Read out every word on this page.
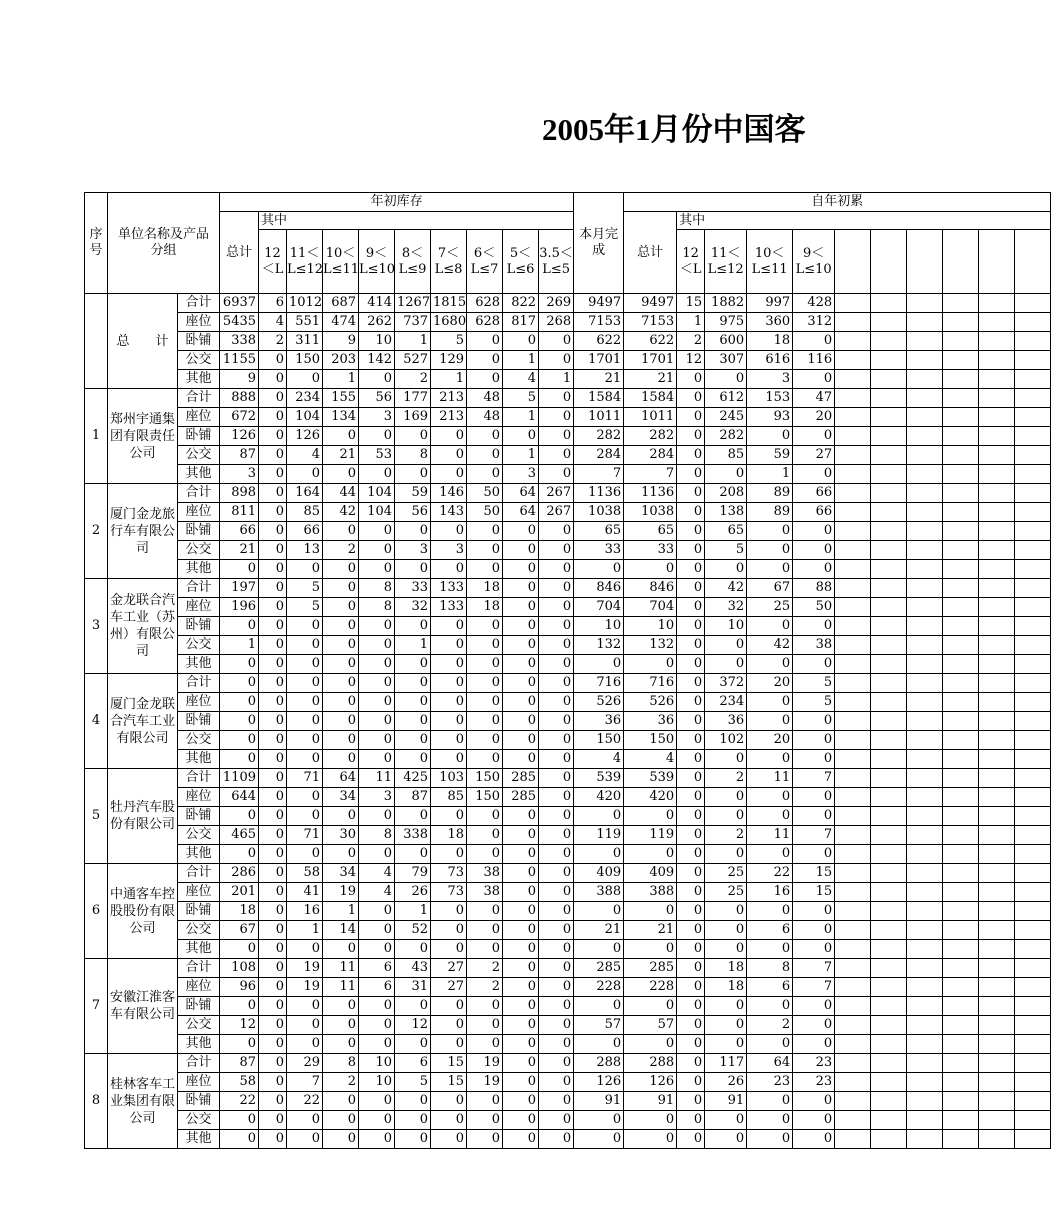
2005年1月份中国客
序号	单位名称及产品分组		年初库存										本月完成	自年初累										
			总计	其中										总计	其中									
				12＜L	11＜L≤12	10＜L≤11	9＜L≤10	8＜L≤9	7＜L≤8	6＜L≤7	5＜L≤6	3.5＜L≤5			12＜L	11＜L≤12	10＜L≤11	9＜L≤10						
	总　　计	合计	6937	6	1012	687	414	1267	1815	628	822	269	9497	9497	15	1882	997	428						
		座位	5435	4	551	474	262	737	1680	628	817	268	7153	7153	1	975	360	312						
		卧铺	338	2	311	9	10	1	5	0	0	0	622	622	2	600	18	0						
		公交	1155	0	150	203	142	527	129	0	1	0	1701	1701	12	307	616	116						
		其他	9	0	0	1	0	2	1	0	4	1	21	21	0	0	3	0						
1	郑州宇通集团有限责任公司	合计	888	0	234	155	56	177	213	48	5	0	1584	1584	0	612	153	47						
		座位	672	0	104	134	3	169	213	48	1	0	1011	1011	0	245	93	20						
		卧铺	126	0	126	0	0	0	0	0	0	0	282	282	0	282	0	0						
		公交	87	0	4	21	53	8	0	0	1	0	284	284	0	85	59	27						
		其他	3	0	0	0	0	0	0	0	3	0	7	7	0	0	1	0						
2	厦门金龙旅行车有限公司	合计	898	0	164	44	104	59	146	50	64	267	1136	1136	0	208	89	66						
		座位	811	0	85	42	104	56	143	50	64	267	1038	1038	0	138	89	66						
		卧铺	66	0	66	0	0	0	0	0	0	0	65	65	0	65	0	0						
		公交	21	0	13	2	0	3	3	0	0	0	33	33	0	5	0	0						
		其他	0	0	0	0	0	0	0	0	0	0	0	0	0	0	0	0						
3	金龙联合汽车工业（苏州）有限公司	合计	197	0	5	0	8	33	133	18	0	0	846	846	0	42	67	88						
		座位	196	0	5	0	8	32	133	18	0	0	704	704	0	32	25	50						
		卧铺	0	0	0	0	0	0	0	0	0	0	10	10	0	10	0	0						
		公交	1	0	0	0	0	1	0	0	0	0	132	132	0	0	42	38						
		其他	0	0	0	0	0	0	0	0	0	0	0	0	0	0	0	0						
4	厦门金龙联合汽车工业有限公司	合计	0	0	0	0	0	0	0	0	0	0	716	716	0	372	20	5						
		座位	0	0	0	0	0	0	0	0	0	0	526	526	0	234	0	5						
		卧铺	0	0	0	0	0	0	0	0	0	0	36	36	0	36	0	0						
		公交	0	0	0	0	0	0	0	0	0	0	150	150	0	102	20	0						
		其他	0	0	0	0	0	0	0	0	0	0	4	4	0	0	0	0						
5	牡丹汽车股份有限公司	合计	1109	0	71	64	11	425	103	150	285	0	539	539	0	2	11	7						
		座位	644	0	0	34	3	87	85	150	285	0	420	420	0	0	0	0						
		卧铺	0	0	0	0	0	0	0	0	0	0	0	0	0	0	0	0						
		公交	465	0	71	30	8	338	18	0	0	0	119	119	0	2	11	7						
		其他	0	0	0	0	0	0	0	0	0	0	0	0	0	0	0	0						
6	中通客车控股股份有限公司	合计	286	0	58	34	4	79	73	38	0	0	409	409	0	25	22	15						
		座位	201	0	41	19	4	26	73	38	0	0	388	388	0	25	16	15						
		卧铺	18	0	16	1	0	1	0	0	0	0	0	0	0	0	0	0						
		公交	67	0	1	14	0	52	0	0	0	0	21	21	0	0	6	0						
		其他	0	0	0	0	0	0	0	0	0	0	0	0	0	0	0	0						
7	安徽江淮客车有限公司	合计	108	0	19	11	6	43	27	2	0	0	285	285	0	18	8	7						
		座位	96	0	19	11	6	31	27	2	0	0	228	228	0	18	6	7						
		卧铺	0	0	0	0	0	0	0	0	0	0	0	0	0	0	0	0						
		公交	12	0	0	0	0	12	0	0	0	0	57	57	0	0	2	0						
		其他	0	0	0	0	0	0	0	0	0	0	0	0	0	0	0	0						
8	桂林客车工业集团有限公司	合计	87	0	29	8	10	6	15	19	0	0	288	288	0	117	64	23						
		座位	58	0	7	2	10	5	15	19	0	0	126	126	0	26	23	23						
		卧铺	22	0	22	0	0	0	0	0	0	0	91	91	0	91	0	0						
		公交	0	0	0	0	0	0	0	0	0	0	0	0	0	0	0	0						
		其他	0	0	0	0	0	0	0	0	0	0	0	0	0	0	0	0						
